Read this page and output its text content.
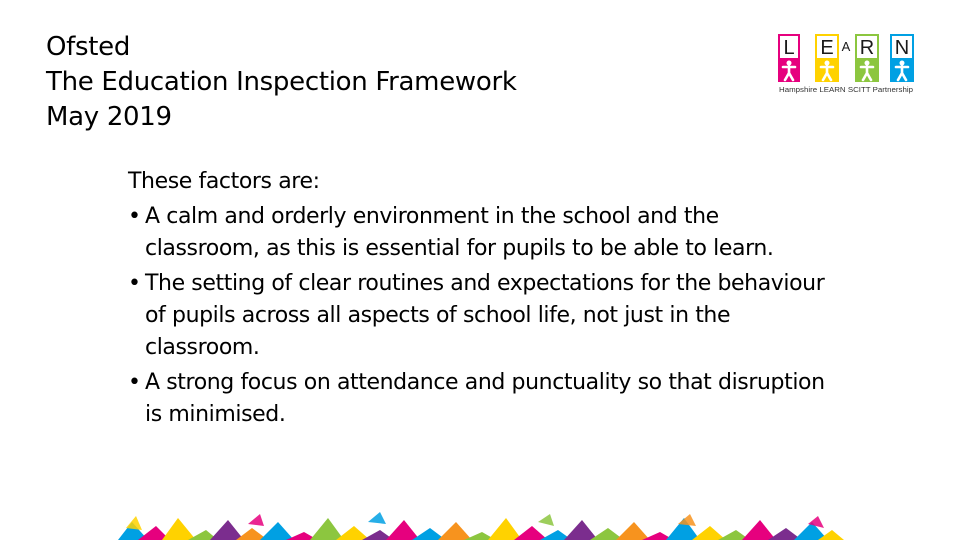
Ofsted
The Education Inspection Framework
May 2019
L E A R N
Hampshire LEARN SCITT Partnership

These factors are:

• A calm and orderly environment in the school and the classroom, as this is essential for pupils to be able to learn.
• The setting of clear routines and expectations for the behaviour of pupils across all aspects of school life, not just in the classroom.
• A strong focus on attendance and punctuality so that disruption is minimised.
